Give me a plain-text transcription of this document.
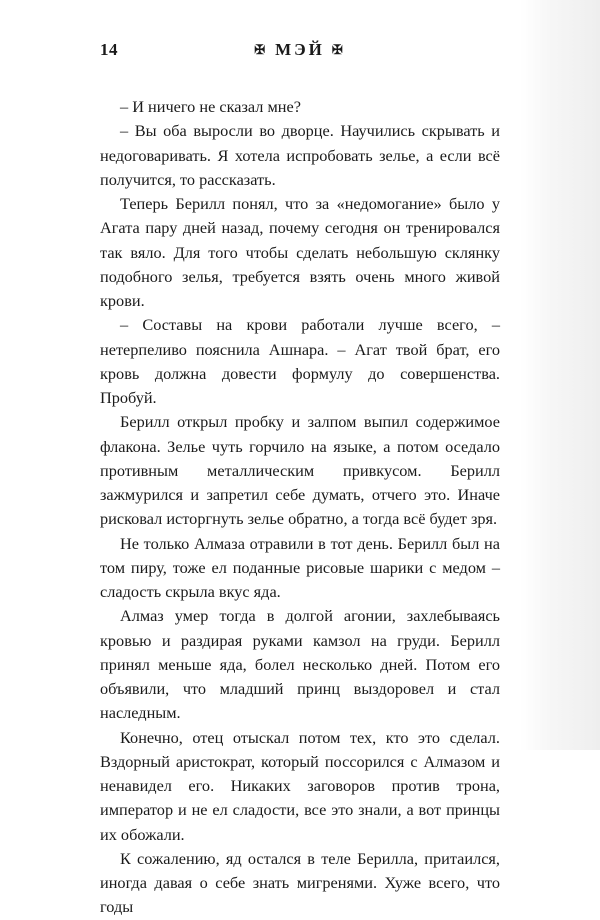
14	✠ МЭЙ ✠

– И ничего не сказал мне?

– Вы оба выросли во дворце. Научились скрывать и недоговаривать. Я хотела испробовать зелье, а если всё получится, то рассказать.

Теперь Берилл понял, что за «недомогание» было у Агата пару дней назад, почему сегодня он тренировался так вяло. Для того чтобы сделать небольшую склянку подобного зелья, требуется взять очень много живой крови.

– Составы на крови работали лучше всего, – нетерпеливо пояснила Ашнара. – Агат твой брат, его кровь должна довести формулу до совершенства. Пробуй.

Берилл открыл пробку и залпом выпил содержимое флакона. Зелье чуть горчило на языке, а потом оседало противным металлическим привкусом. Берилл зажмурился и запретил себе думать, отчего это. Иначе рисковал исторгнуть зелье обратно, а тогда всё будет зря.

Не только Алмаза отравили в тот день. Берилл был на том пиру, тоже ел поданные рисовые шарики с медом – сладость скрыла вкус яда.

Алмаз умер тогда в долгой агонии, захлебываясь кровью и раздирая руками камзол на груди. Берилл принял меньше яда, болел несколько дней. Потом его объявили, что младший принц выздоровел и стал наследным.

Конечно, отец отыскал потом тех, кто это сделал. Вздорный аристократ, который поссорился с Алмазом и ненавидел его. Никаких заговоров против трона, император и не ел сладости, все это знали, а вот принцы их обожали.

К сожалению, яд остался в теле Берилла, притаился, иногда давая о себе знать мигренями. Хуже всего, что годы
